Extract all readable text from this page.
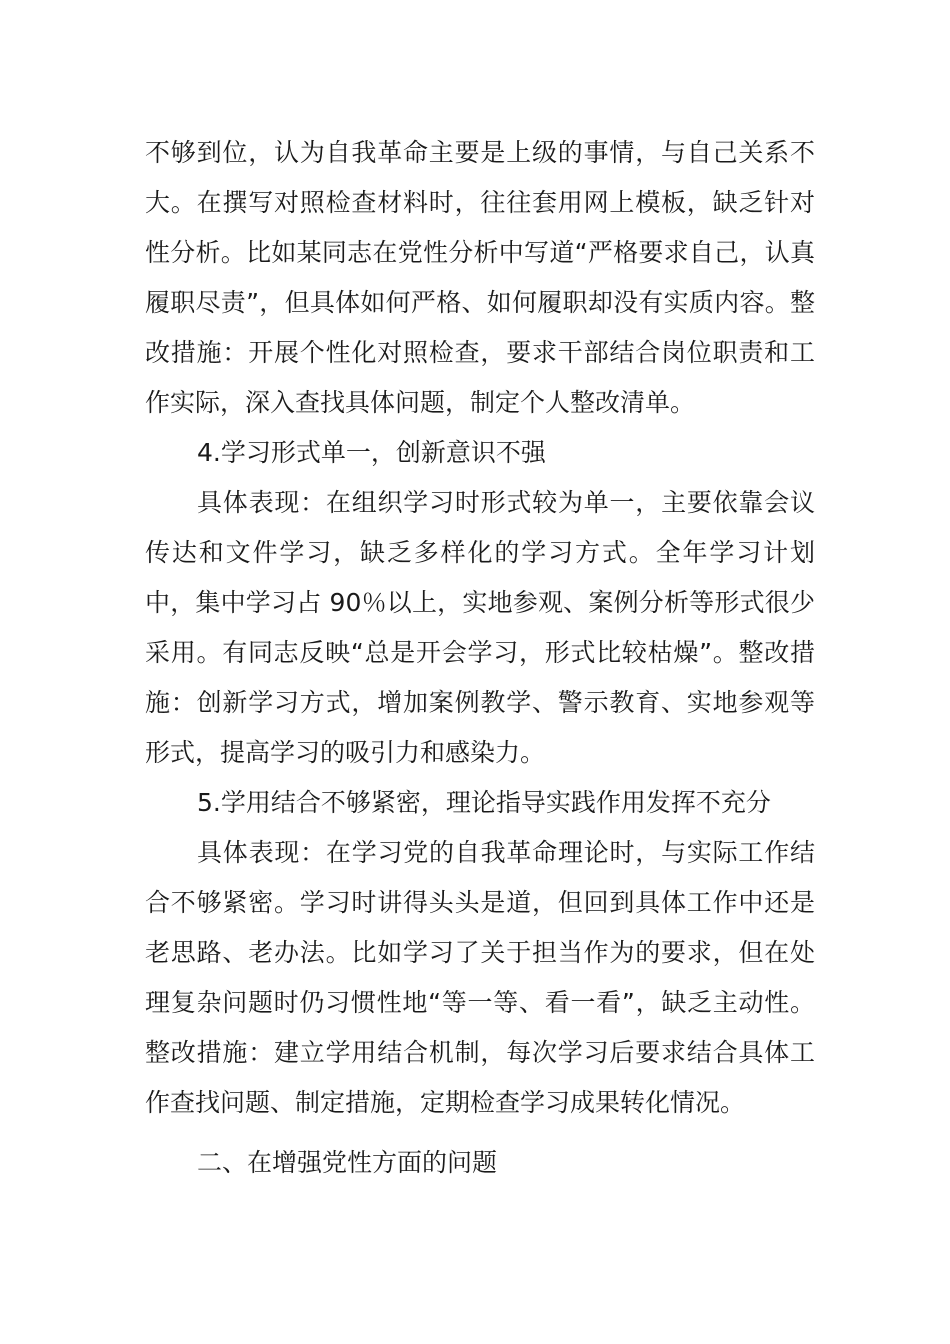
不够到位，认为自我革命主要是上级的事情，与自己关系不大。在撰写对照检查材料时，往往套用网上模板，缺乏针对性分析。比如某同志在党性分析中写道“严格要求自己，认真履职尽责”，但具体如何严格、如何履职却没有实质内容。整改措施：开展个性化对照检查，要求干部结合岗位职责和工作实际，深入查找具体问题，制定个人整改清单。

4.学习形式单一，创新意识不强

具体表现：在组织学习时形式较为单一，主要依靠会议传达和文件学习，缺乏多样化的学习方式。全年学习计划中，集中学习占 90％以上，实地参观、案例分析等形式很少采用。有同志反映“总是开会学习，形式比较枯燥”。整改措施：创新学习方式，增加案例教学、警示教育、实地参观等形式，提高学习的吸引力和感染力。

5.学用结合不够紧密，理论指导实践作用发挥不充分

具体表现：在学习党的自我革命理论时，与实际工作结合不够紧密。学习时讲得头头是道，但回到具体工作中还是老思路、老办法。比如学习了关于担当作为的要求，但在处理复杂问题时仍习惯性地“等一等、看一看”，缺乏主动性。整改措施：建立学用结合机制，每次学习后要求结合具体工作查找问题、制定措施，定期检查学习成果转化情况。

二、在增强党性方面的问题
